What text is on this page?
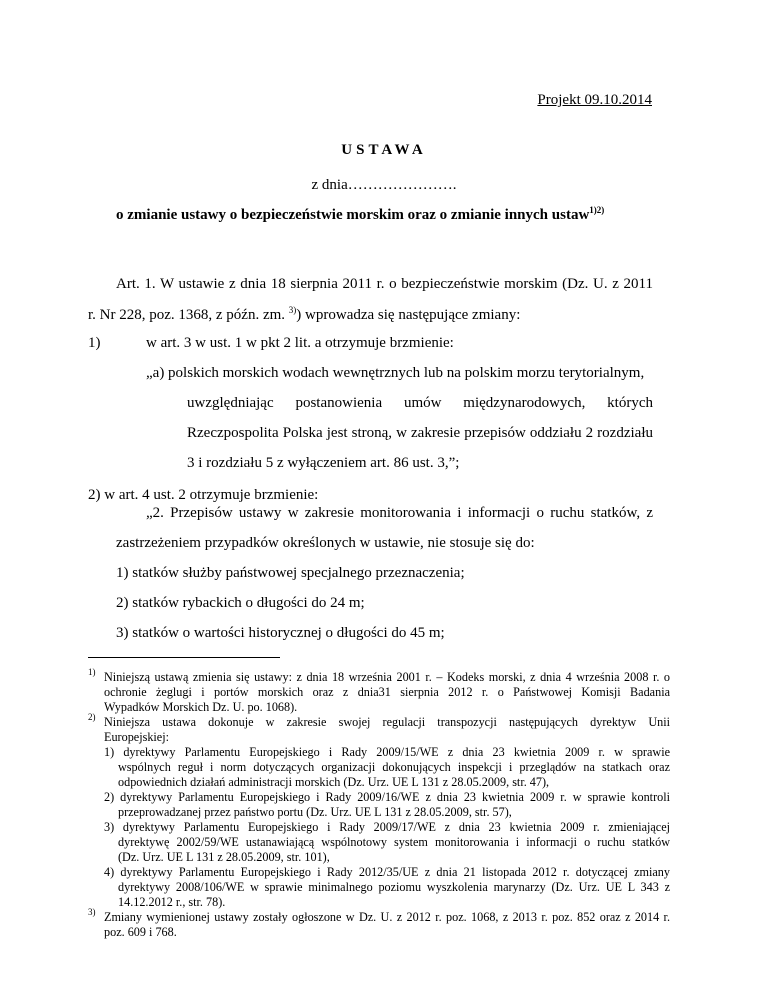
Projekt 09.10.2014
USTAWA
z dnia………………….
o zmianie ustawy o bezpieczeństwie morskim oraz o zmianie innych ustaw$^{1)2)}$
Art. 1. W ustawie z dnia 18 sierpnia 2011 r. o bezpieczeństwie morskim (Dz. U. z 2011
r. Nr 228, poz. 1368, z późn. zm. $^{3)}$) wprowadza się następujące zmiany:
1)	w art. 3 w ust. 1 w pkt 2 lit. a otrzymuje brzmienie:
„a) polskich morskich wodach wewnętrznych lub na polskim morzu terytorialnym,
uwzględniając postanowienia umów międzynarodowych, których
Rzeczpospolita Polska jest stroną, w zakresie przepisów oddziału 2 rozdziału
3 i rozdziału 5 z wyłączeniem art. 86 ust. 3,”;
2) w art. 4 ust. 2 otrzymuje brzmienie:
„2. Przepisów ustawy w zakresie monitorowania i informacji o ruchu statków, z
zastrzeżeniem przypadków określonych w ustawie, nie stosuje się do:
1) statków służby państwowej specjalnego przeznaczenia;
2) statków rybackich o długości do 24 m;
3) statków o wartości historycznej o długości do 45 m;
$^{1)}$ Niniejszą ustawą zmienia się ustawy: z dnia 18 września 2001 r. – Kodeks morski, z dnia 4 września 2008 r. o
ochronie żeglugi i portów morskich oraz z dnia31 sierpnia 2012 r. o Państwowej Komisji Badania
Wypadków Morskich Dz. U. po. 1068).
$^{2)}$ Niniejsza ustawa dokonuje w zakresie swojej regulacji transpozycji następujących dyrektyw Unii
Europejskiej:
1) dyrektywy Parlamentu Europejskiego i Rady 2009/15/WE z dnia 23 kwietnia 2009 r. w sprawie
wspólnych reguł i norm dotyczących organizacji dokonujących inspekcji i przeglądów na statkach oraz
odpowiednich działań administracji morskich (Dz. Urz. UE L 131 z 28.05.2009, str. 47),
2) dyrektywy Parlamentu Europejskiego i Rady 2009/16/WE z dnia 23 kwietnia 2009 r. w sprawie kontroli
przeprowadzanej przez państwo portu (Dz. Urz. UE L 131 z 28.05.2009, str. 57),
3) dyrektywy Parlamentu Europejskiego i Rady 2009/17/WE z dnia 23 kwietnia 2009 r. zmieniającej
dyrektywę 2002/59/WE ustanawiającą wspólnotowy system monitorowania i informacji o ruchu statków
(Dz. Urz. UE L 131 z 28.05.2009, str. 101),
4) dyrektywy Parlamentu Europejskiego i Rady 2012/35/UE z dnia 21 listopada 2012 r. dotyczącej zmiany
dyrektywy 2008/106/WE w sprawie minimalnego poziomu wyszkolenia marynarzy (Dz. Urz. UE L 343 z
14.12.2012 r., str. 78).
$^{3)}$ Zmiany wymienionej ustawy zostały ogłoszone w Dz. U. z 2012 r. poz. 1068, z 2013 r. poz. 852 oraz z 2014 r.
poz. 609 i 768.
